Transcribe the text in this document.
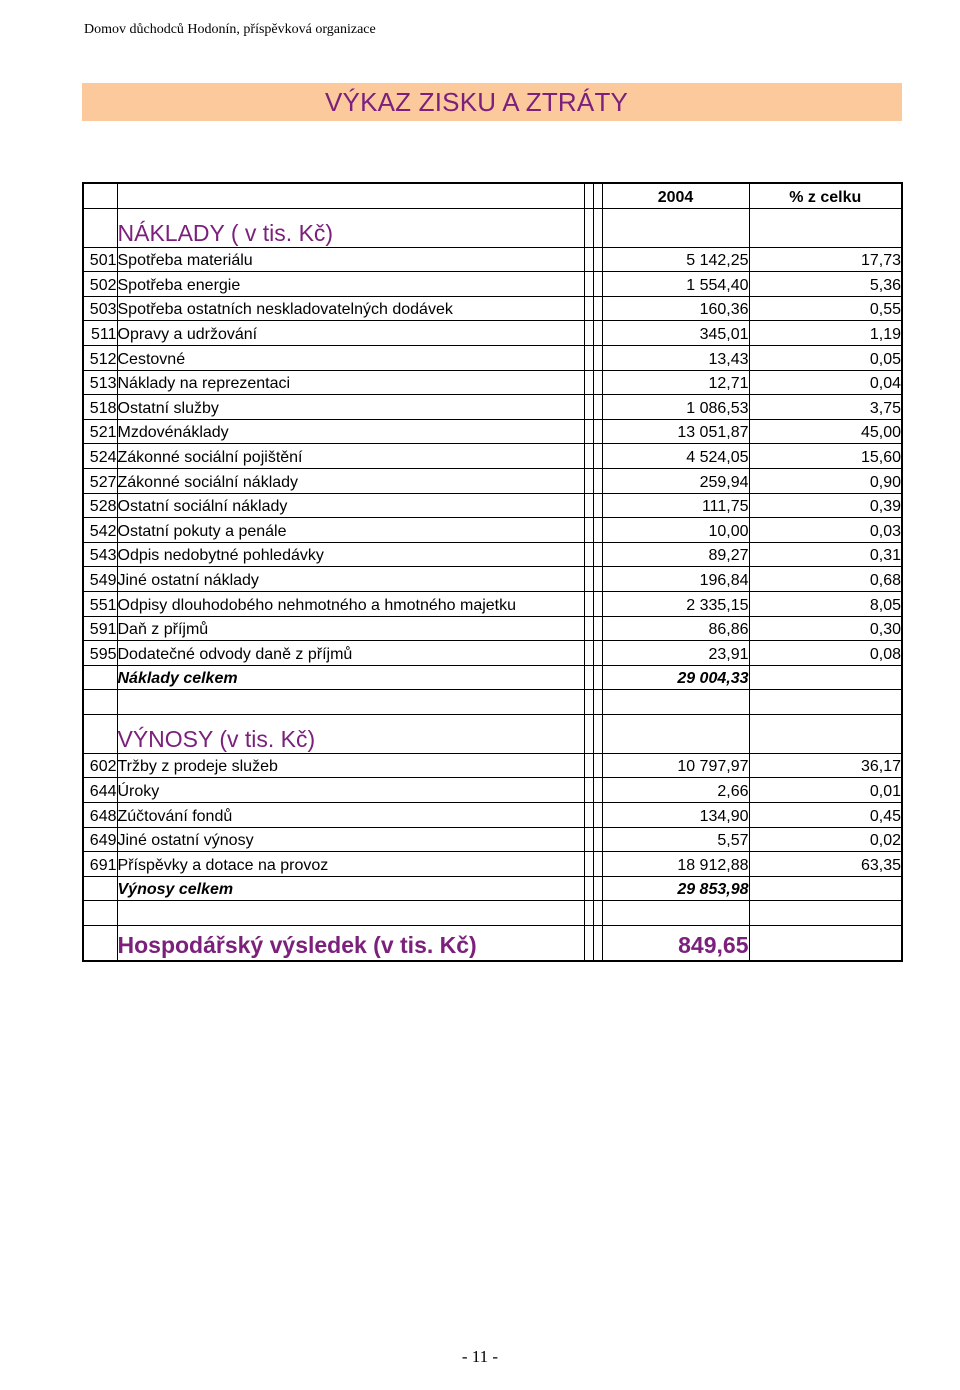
Domov důchodců Hodonín, příspěvková organizace
VÝKAZ ZISKU A ZTRÁTY
				2004	% z celku
	NÁKLADY ( v tis. Kč)				
501	Spotřeba materiálu			5 142,25	17,73
502	Spotřeba energie			1 554,40	5,36
503	Spotřeba ostatních neskladovatelných dodávek			160,36	0,55
511	Opravy a udržování			345,01	1,19
512	Cestovné			13,43	0,05
513	Náklady na reprezentaci			12,71	0,04
518	Ostatní služby			1 086,53	3,75
521	Mzdovénáklady			13 051,87	45,00
524	Zákonné sociální pojištění			4 524,05	15,60
527	Zákonné sociální náklady			259,94	0,90
528	Ostatní sociální náklady			111,75	0,39
542	Ostatní pokuty a penále			10,00	0,03
543	Odpis nedobytné pohledávky			89,27	0,31
549	Jiné ostatní náklady			196,84	0,68
551	Odpisy dlouhodobého nehmotného a hmotného majetku			2 335,15	8,05
591	Daň z příjmů			86,86	0,30
595	Dodatečné odvody daně z příjmů			23,91	0,08
	Náklady celkem			29 004,33	

	VÝNOSY (v tis. Kč)				
602	Tržby z prodeje služeb			10 797,97	36,17
644	Úroky			2,66	0,01
648	Zúčtování fondů			134,90	0,45
649	Jiné ostatní výnosy			5,57	0,02
691	Příspěvky a dotace na provoz			18 912,88	63,35
	Výnosy celkem			29 853,98	

	Hospodářský výsledek (v tis. Kč)			849,65	
- 11 -
